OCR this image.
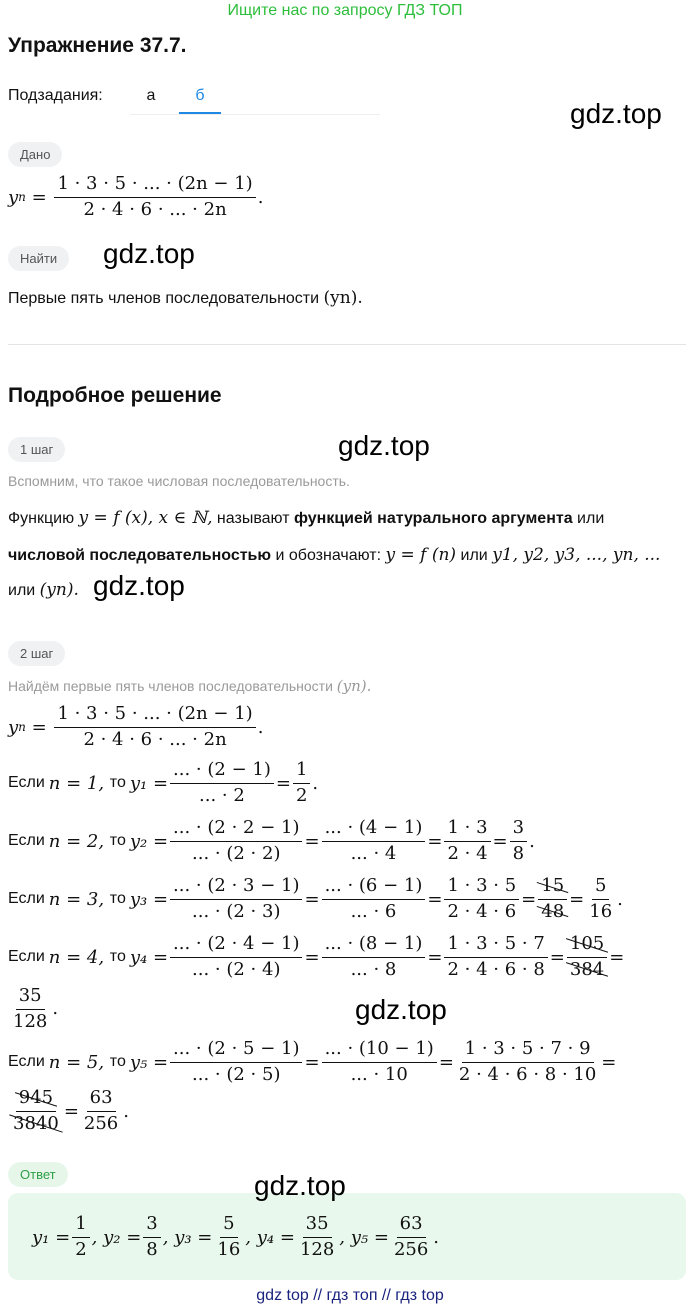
Ищите нас по запросу ГДЗ ТОП
Упражнение 37.7.
Подзадания:	а	б
gdz.top
Дано
y $n = \frac{1 \cdot 3 \cdot 5 \cdot ... \cdot (2n - 1)}{2 \cdot 4 \cdot 6 \cdot ... \cdot 2n}$ .
Найти	gdz.top
Первые пять членов последовательности (yn).
Подробное решение
1 шаг	gdz.top
Вспомним, что такое числовая последовательность.
Функцию y = f (x), x ∈ ℕ, называют функцией натурального аргумента или
числовой последовательностью и обозначают: y = f (n) или y1, y2, y3, ..., yn, ...
или (yn). gdz.top
2 шаг
Найдём первые пять членов последовательности (yn).
y $n = \frac{1 \cdot 3 \cdot 5 \cdot ... \cdot (2n - 1)}{2 \cdot 4 \cdot 6 \cdot ... \cdot 2n}$ .
Если n = 1,
то $y_1 = \frac{... \cdot (2 - 1)}{... \cdot 2} = \frac{1}{2}$ .
Если n = 2,
то $y_2 = \frac{... \cdot (2 \cdot 2 - 1)}{... \cdot (2 \cdot 2)} = \frac{... \cdot (4 - 1)}{... \cdot 4} = \frac{1 \cdot 3}{2 \cdot 4} = \frac{3}{8}$ .
Если n = 3,
то $y_3 = \frac{... \cdot (2 \cdot 3 - 1)}{... \cdot (2 \cdot 3)} = \frac{... \cdot (6 - 1)}{... \cdot 6} = \frac{1 \cdot 3 \cdot 5}{2 \cdot 4 \cdot 6} = \frac{15}{48} = \frac{5}{16}$ .
Если n = 4,
то $y_4 = \frac{... \cdot (2 \cdot 4 - 1)}{... \cdot (2 \cdot 4)} = \frac{... \cdot (8 - 1)}{... \cdot 8} = \frac{1 \cdot 3 \cdot 5 \cdot 7}{2 \cdot 4 \cdot 6 \cdot 8} = \frac{105}{384}$ =
$\frac{35}{128}$ .	gdz.top
Если n = 5,
то $y_5 = \frac{... \cdot (2 \cdot 5 - 1)}{... \cdot (2 \cdot 5)} = \frac{... \cdot (10 - 1)}{... \cdot 10} = \frac{1 \cdot 3 \cdot 5 \cdot 7 \cdot 9}{2 \cdot 4 \cdot 6 \cdot 8 \cdot 10}$ =
$\frac{945}{3840} = \frac{63}{256}$ .
Ответ	gdz.top
$y_1 = \frac{1}{2}$ , $y_2 = \frac{3}{8}$ , $y_3 = \frac{5}{16}$ , $y_4 = \frac{35}{128}$ , $y_5 = \frac{63}{256}$ .
gdz top // гдз топ // гдз top
